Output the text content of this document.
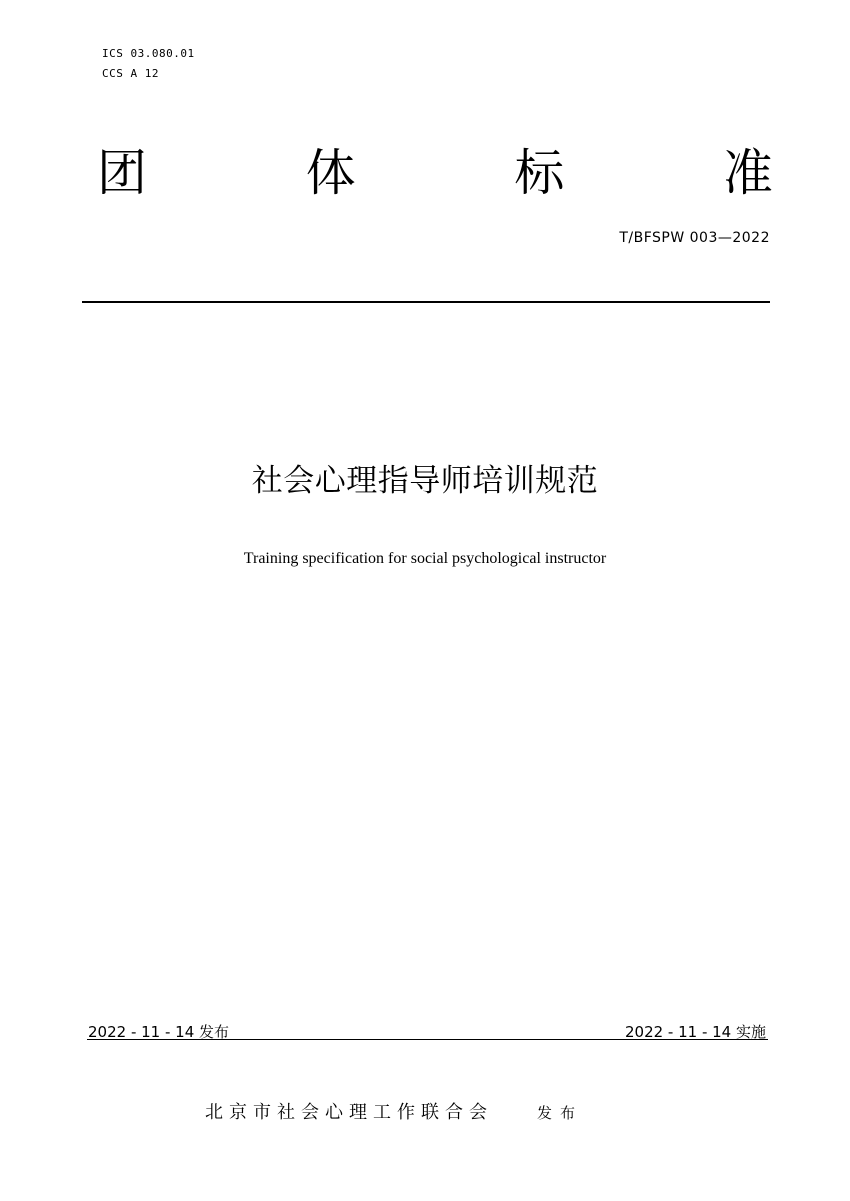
ICS 03.080.01
CCS A 12
团	体	标	准
T/BFSPW 003—2022
社会心理指导师培训规范
Training specification for social psychological instructor
2022 - 11 - 14 发布	2022 - 11 - 14 实施
北京市社会心理工作联合会	发布
